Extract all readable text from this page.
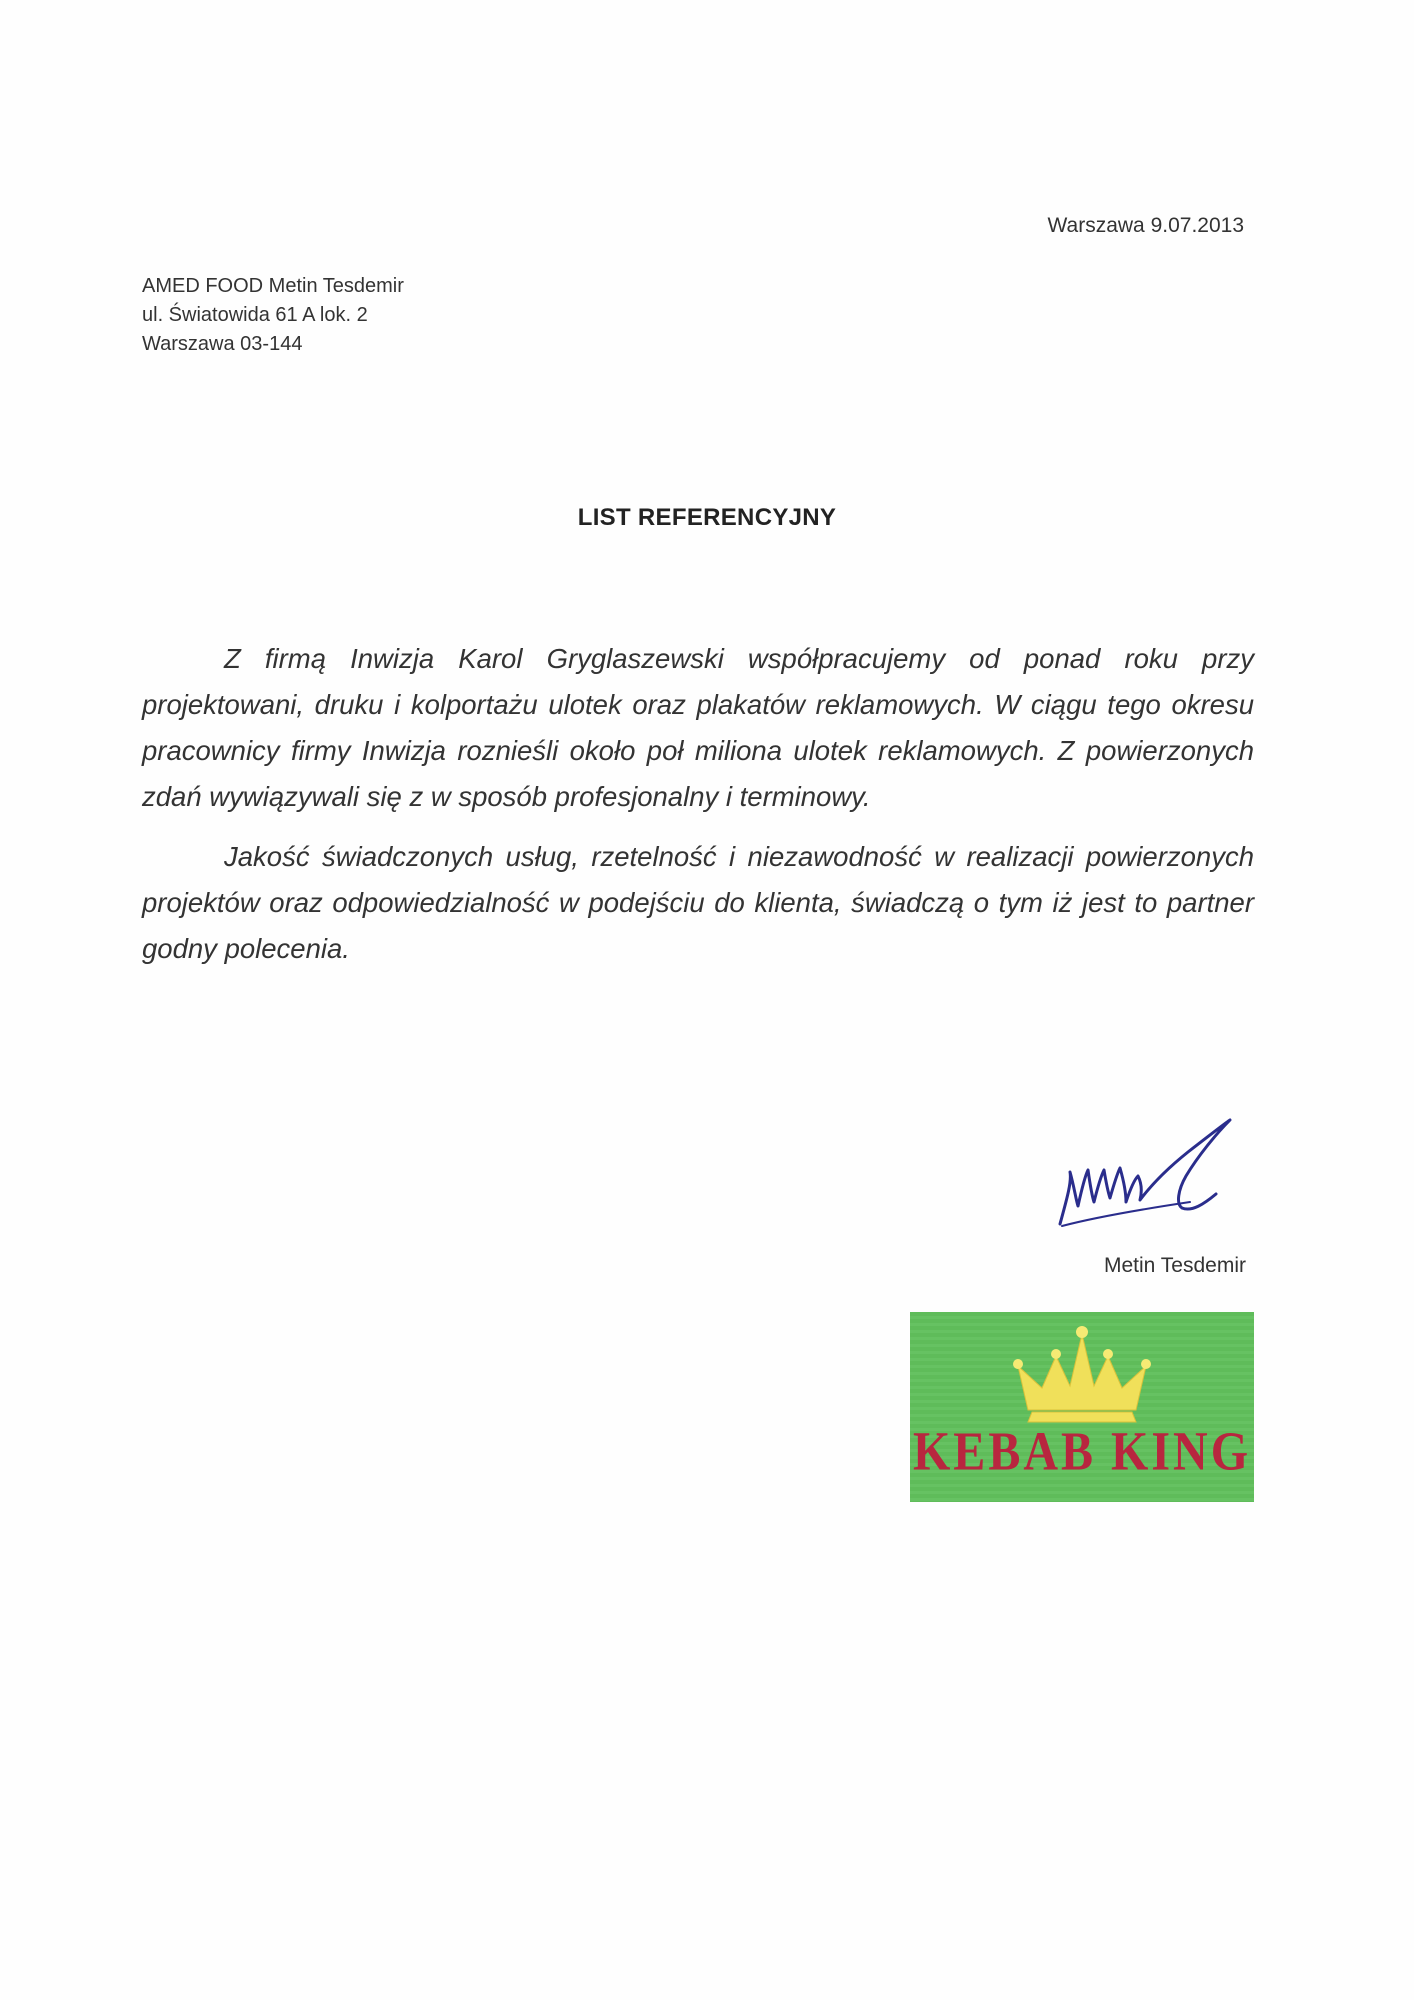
Warszawa 9.07.2013
AMED FOOD Metin Tesdemir
ul. Światowida 61 A lok. 2
Warszawa 03-144
LIST REFERENCYJNY

Z firmą Inwizja Karol Gryglaszewski współpracujemy od ponad roku przy projektowani, druku i kolportażu ulotek oraz plakatów reklamowych. W ciągu tego okresu pracownicy firmy Inwizja roznieśli około poł miliona ulotek reklamowych. Z powierzonych zdań wywiązywali się z w sposób profesjonalny i terminowy.

Jakość świadczonych usług, rzetelność i niezawodność w realizacji powierzonych projektów oraz odpowiedzialność w podejściu do klienta, świadczą o tym iż jest to partner godny polecenia.

Metin Tesdemir
KEBAB KING
